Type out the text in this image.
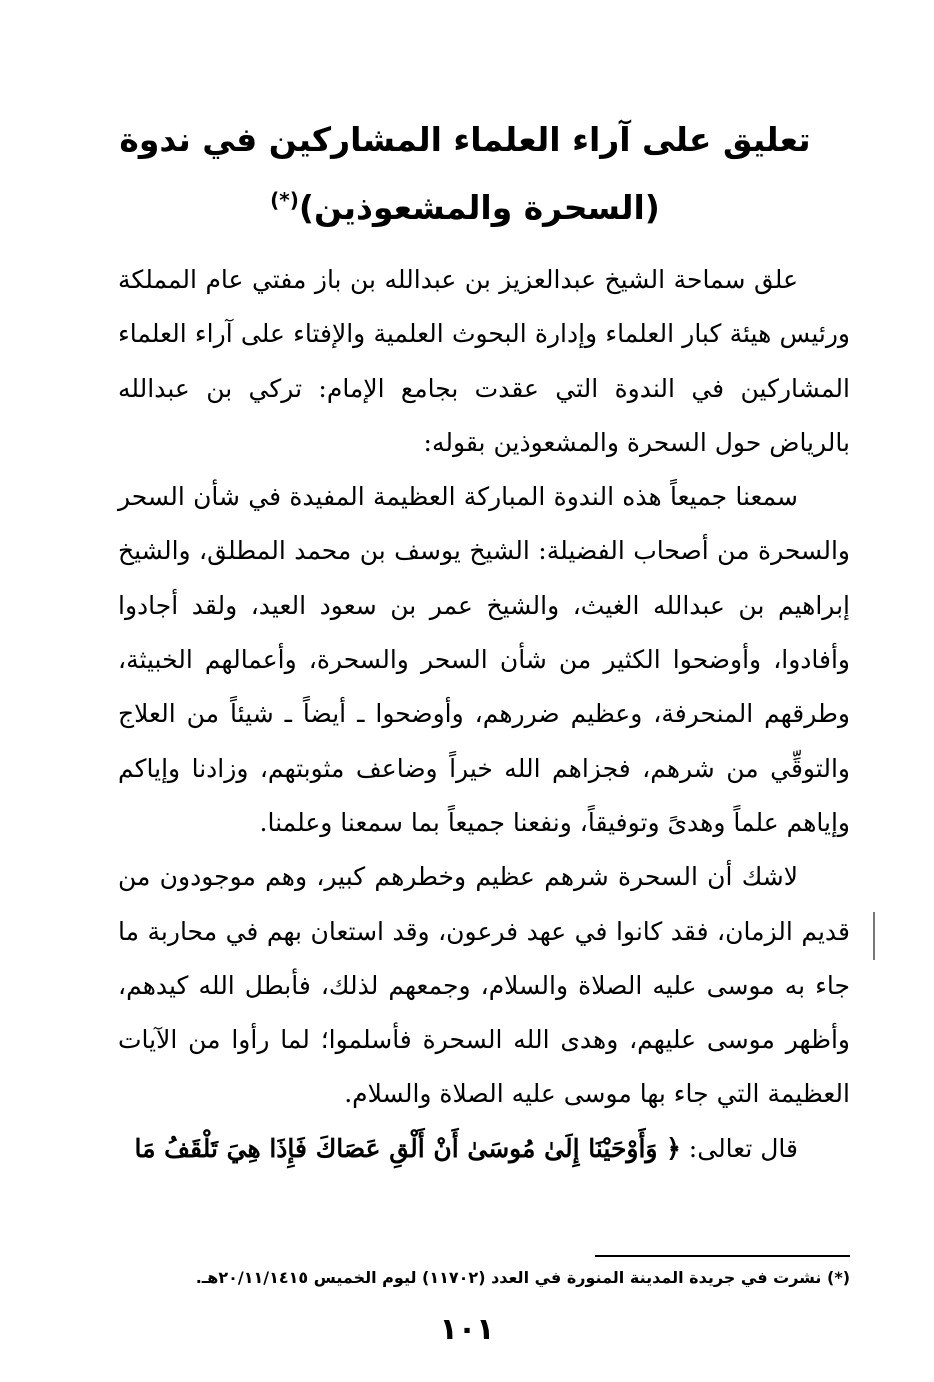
تعليق على آراء العلماء المشاركين في ندوة
(السحرة والمشعوذين)(*)

علق سماحة الشيخ عبدالعزيز بن عبدالله بن باز مفتي عام المملكة ورئيس هيئة كبار العلماء وإدارة البحوث العلمية والإفتاء على آراء العلماء المشاركين في الندوة التي عقدت بجامع الإمام: تركي بن عبدالله بالرياض حول السحرة والمشعوذين بقوله:

سمعنا جميعاً هذه الندوة المباركة العظيمة المفيدة في شأن السحر والسحرة من أصحاب الفضيلة: الشيخ يوسف بن محمد المطلق، والشيخ إبراهيم بن عبدالله الغيث، والشيخ عمر بن سعود العيد، ولقد أجادوا وأفادوا، وأوضحوا الكثير من شأن السحر والسحرة، وأعمالهم الخبيثة، وطرقهم المنحرفة، وعظيم ضررهم، وأوضحوا ـ أيضاً ـ شيئاً من العلاج والتوقِّي من شرهم، فجزاهم الله خيراً وضاعف مثوبتهم، وزادنا وإياكم وإياهم علماً وهدىً وتوفيقاً، ونفعنا جميعاً بما سمعنا وعلمنا.

لاشك أن السحرة شرهم عظيم وخطرهم كبير، وهم موجودون من قديم الزمان، فقد كانوا في عهد فرعون، وقد استعان بهم في محاربة ما جاء به موسى عليه الصلاة والسلام، وجمعهم لذلك، فأبطل الله كيدهم، وأظهر موسى عليهم، وهدى الله السحرة فأسلموا؛ لما رأوا من الآيات العظيمة التي جاء بها موسى عليه الصلاة والسلام.

قال تعالى: ﴿ وَأَوْحَيْنَا إِلَىٰ مُوسَىٰ أَنْ أَلْقِ عَصَاكَ فَإِذَا هِيَ تَلْقَفُ مَا

(*) نشرت في جريدة المدينة المنورة في العدد (١١٧٠٢) ليوم الخميس ٢٠/١١/١٤١٥هـ.
١٠١
